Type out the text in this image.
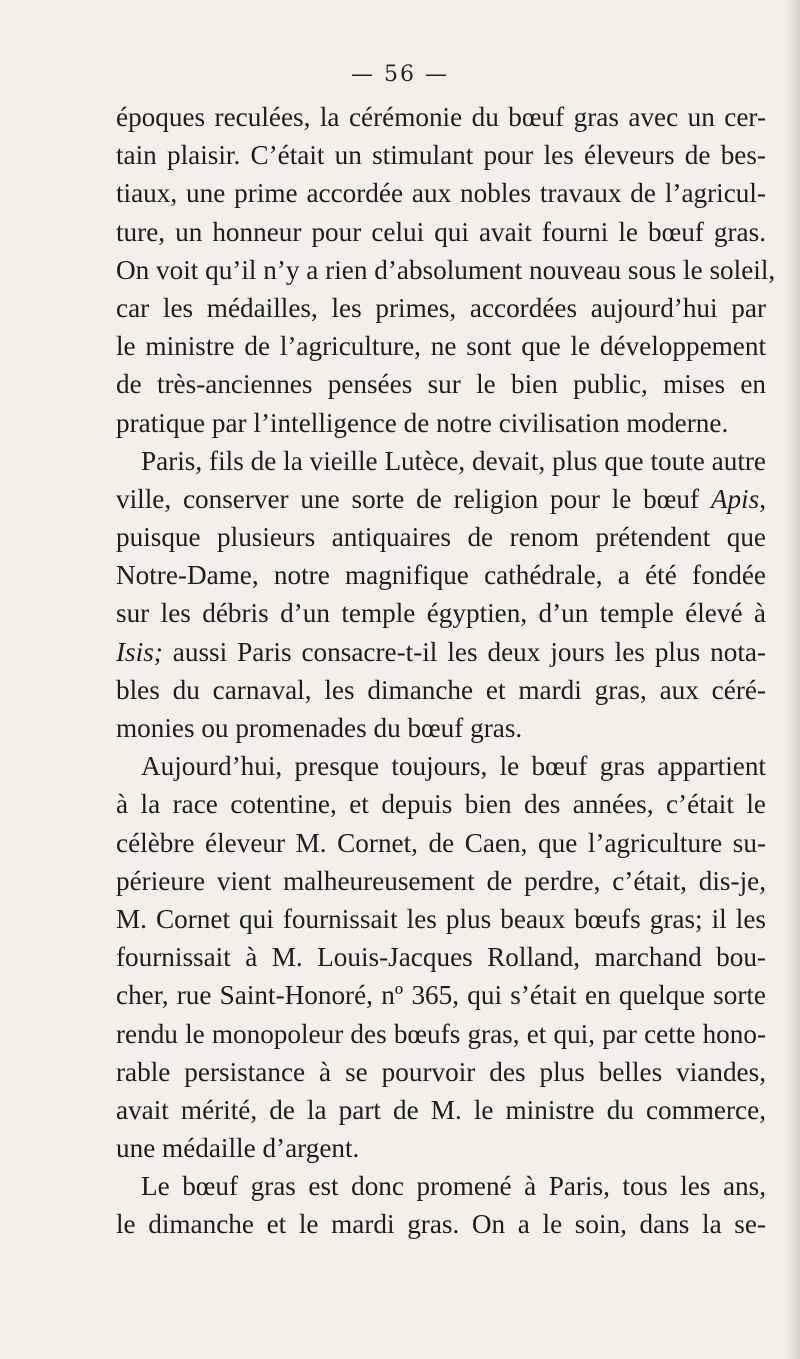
— 56 —
époques reculées, la cérémonie du bœuf gras avec un cer-
tain plaisir. C’était un stimulant pour les éleveurs de bes-
tiaux, une prime accordée aux nobles travaux de l’agricul-
ture, un honneur pour celui qui avait fourni le bœuf gras.
On voit qu’il n’y a rien d’absolument nouveau sous le soleil,
car les médailles, les primes, accordées aujourd’hui par
le ministre de l’agriculture, ne sont que le développement
de très-anciennes pensées sur le bien public, mises en
pratique par l’intelligence de notre civilisation moderne.
Paris, fils de la vieille Lutèce, devait, plus que toute autre
ville, conserver une sorte de religion pour le bœuf Apis,
puisque plusieurs antiquaires de renom prétendent que
Notre-Dame, notre magnifique cathédrale, a été fondée
sur les débris d’un temple égyptien, d’un temple élevé à
Isis; aussi Paris consacre-t-il les deux jours les plus nota-
bles du carnaval, les dimanche et mardi gras, aux céré-
monies ou promenades du bœuf gras.
Aujourd’hui, presque toujours, le bœuf gras appartient
à la race cotentine, et depuis bien des années, c’était le
célèbre éleveur M. Cornet, de Caen, que l’agriculture su-
périeure vient malheureusement de perdre, c’était, dis-je,
M. Cornet qui fournissait les plus beaux bœufs gras; il les
fournissait à M. Louis-Jacques Rolland, marchand bou-
cher, rue Saint-Honoré, nº 365, qui s’était en quelque sorte
rendu le monopoleur des bœufs gras, et qui, par cette hono-
rable persistance à se pourvoir des plus belles viandes,
avait mérité, de la part de M. le ministre du commerce,
une médaille d’argent.
Le bœuf gras est donc promené à Paris, tous les ans,
le dimanche et le mardi gras. On a le soin, dans la se-
